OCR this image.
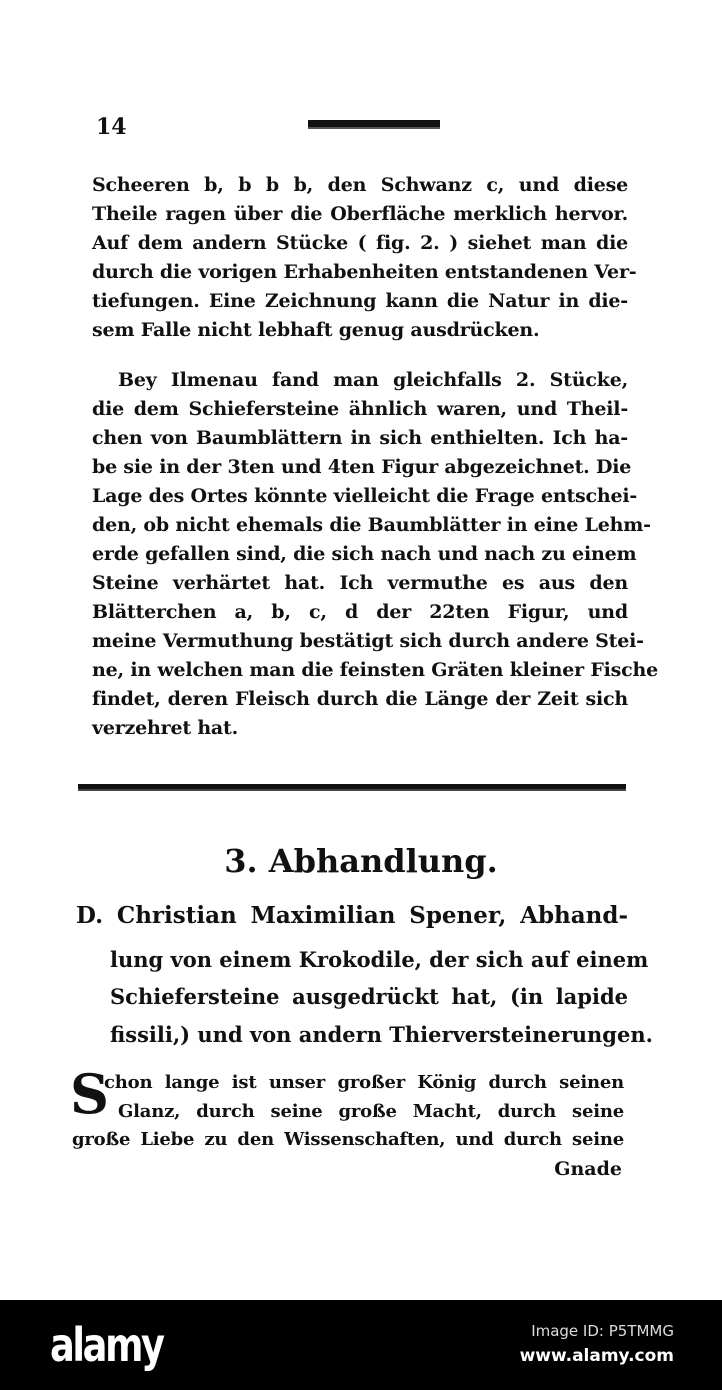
14
Scheeren b, b b b, den Schwanz c, und diese
Theile ragen über die Oberfläche merklich hervor.
Auf dem andern Stücke ( fig. 2. ) siehet man die
durch die vorigen Erhabenheiten entstandenen Ver-
tiefungen. Eine Zeichnung kann die Natur in die-
sem Falle nicht lebhaft genug ausdrücken.
Bey Ilmenau fand man gleichfalls 2. Stücke,
die dem Schiefersteine ähnlich waren, und Theil-
chen von Baumblättern in sich enthielten. Ich ha-
be sie in der 3ten und 4ten Figur abgezeichnet. Die
Lage des Ortes könnte vielleicht die Frage entschei-
den, ob nicht ehemals die Baumblätter in eine Lehm-
erde gefallen sind, die sich nach und nach zu einem
Steine verhärtet hat. Ich vermuthe es aus den
Blätterchen a, b, c, d der 22ten Figur, und
meine Vermuthung bestätigt sich durch andere Stei-
ne, in welchen man die feinsten Gräten kleiner Fische
findet, deren Fleisch durch die Länge der Zeit sich
verzehret hat.
3. Abhandlung.
D. Christian Maximilian Spener, Abhand-
lung von einem Krokodile, der sich auf einem
Schiefersteine ausgedrückt hat, (in lapide
fissili,) und von andern Thierversteinerungen.
S
chon lange ist unser großer König durch seinen
Glanz, durch seine große Macht, durch seine
große Liebe zu den Wissenschaften, und durch seine
Gnade
alamy	Image ID: P5TMMG
www.alamy.com
